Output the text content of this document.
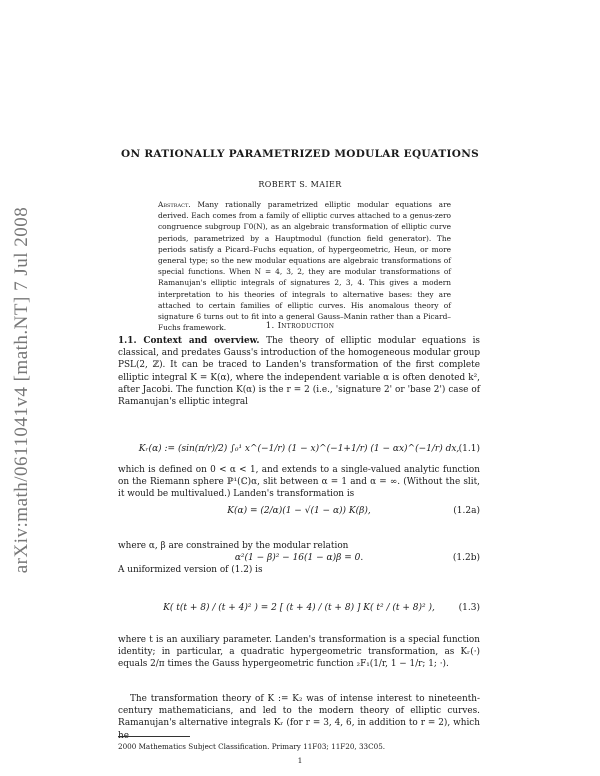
arXiv:math/0611041v4 [math.NT] 7 Jul 2008
ON RATIONALLY PARAMETRIZED MODULAR EQUATIONS
ROBERT S. MAIER
Abstract. Many rationally parametrized elliptic modular equations are derived. Each comes from a family of elliptic curves attached to a genus-zero congruence subgroup Γ0(N), as an algebraic transformation of elliptic curve periods, parametrized by a Hauptmodul (function field generator). The periods satisfy a Picard–Fuchs equation, of hypergeometric, Heun, or more general type; so the new modular equations are algebraic transformations of special functions. When N = 4, 3, 2, they are modular transformations of Ramanujan's elliptic integrals of signatures 2, 3, 4. This gives a modern interpretation to his theories of integrals to alternative bases: they are attached to certain families of elliptic curves. His anomalous theory of signature 6 turns out to fit into a general Gauss–Manin rather than a Picard–Fuchs framework.	1. Introduction
1.1. Context and overview. The theory of elliptic modular equations is classical, and predates Gauss's introduction of the homogeneous modular group PSL(2, ℤ). It can be traced to Landen's transformation of the first complete elliptic integral K = K(α), where the independent variable α is often denoted k², after Jacobi. The function K(α) is the r = 2 (i.e., 'signature 2' or 'base 2') case of Ramanujan's elliptic integral
Kᵣ(α) := (sin(π/r)/2) ∫₀¹ x^(−1/r) (1 − x)^(−1+1/r) (1 − αx)^(−1/r) dx, (1.1)
which is defined on 0 < α < 1, and extends to a single-valued analytic function on the Riemann sphere ℙ¹(ℂ)α, slit between α = 1 and α = ∞. (Without the slit, it would be multivalued.) Landen's transformation is
K(α) = (2/α)(1 − √(1 − α)) K(β),	(1.2a)
where α, β are constrained by the modular relation
α²(1 − β)² − 16(1 − α)β = 0.	(1.2b)
A uniformized version of (1.2) is
K( t(t + 8) / (t + 4)² ) = 2 [ (t + 4) / (t + 8) ] K( t² / (t + 8)² ),	(1.3)
where t is an auxiliary parameter. Landen's transformation is a special function identity; in particular, a quadratic hypergeometric transformation, as Kᵣ(·) equals 2/π times the Gauss hypergeometric function ₂F₁(1/r, 1 − 1/r; 1; ·).
The transformation theory of K := K₂ was of intense interest to nineteenth-century mathematicians, and led to the modern theory of elliptic curves. Ramanujan's alternative integrals Kᵣ (for r = 3, 4, 6, in addition to r = 2), which he
2000 Mathematics Subject Classification. Primary 11F03; 11F20, 33C05.
1
